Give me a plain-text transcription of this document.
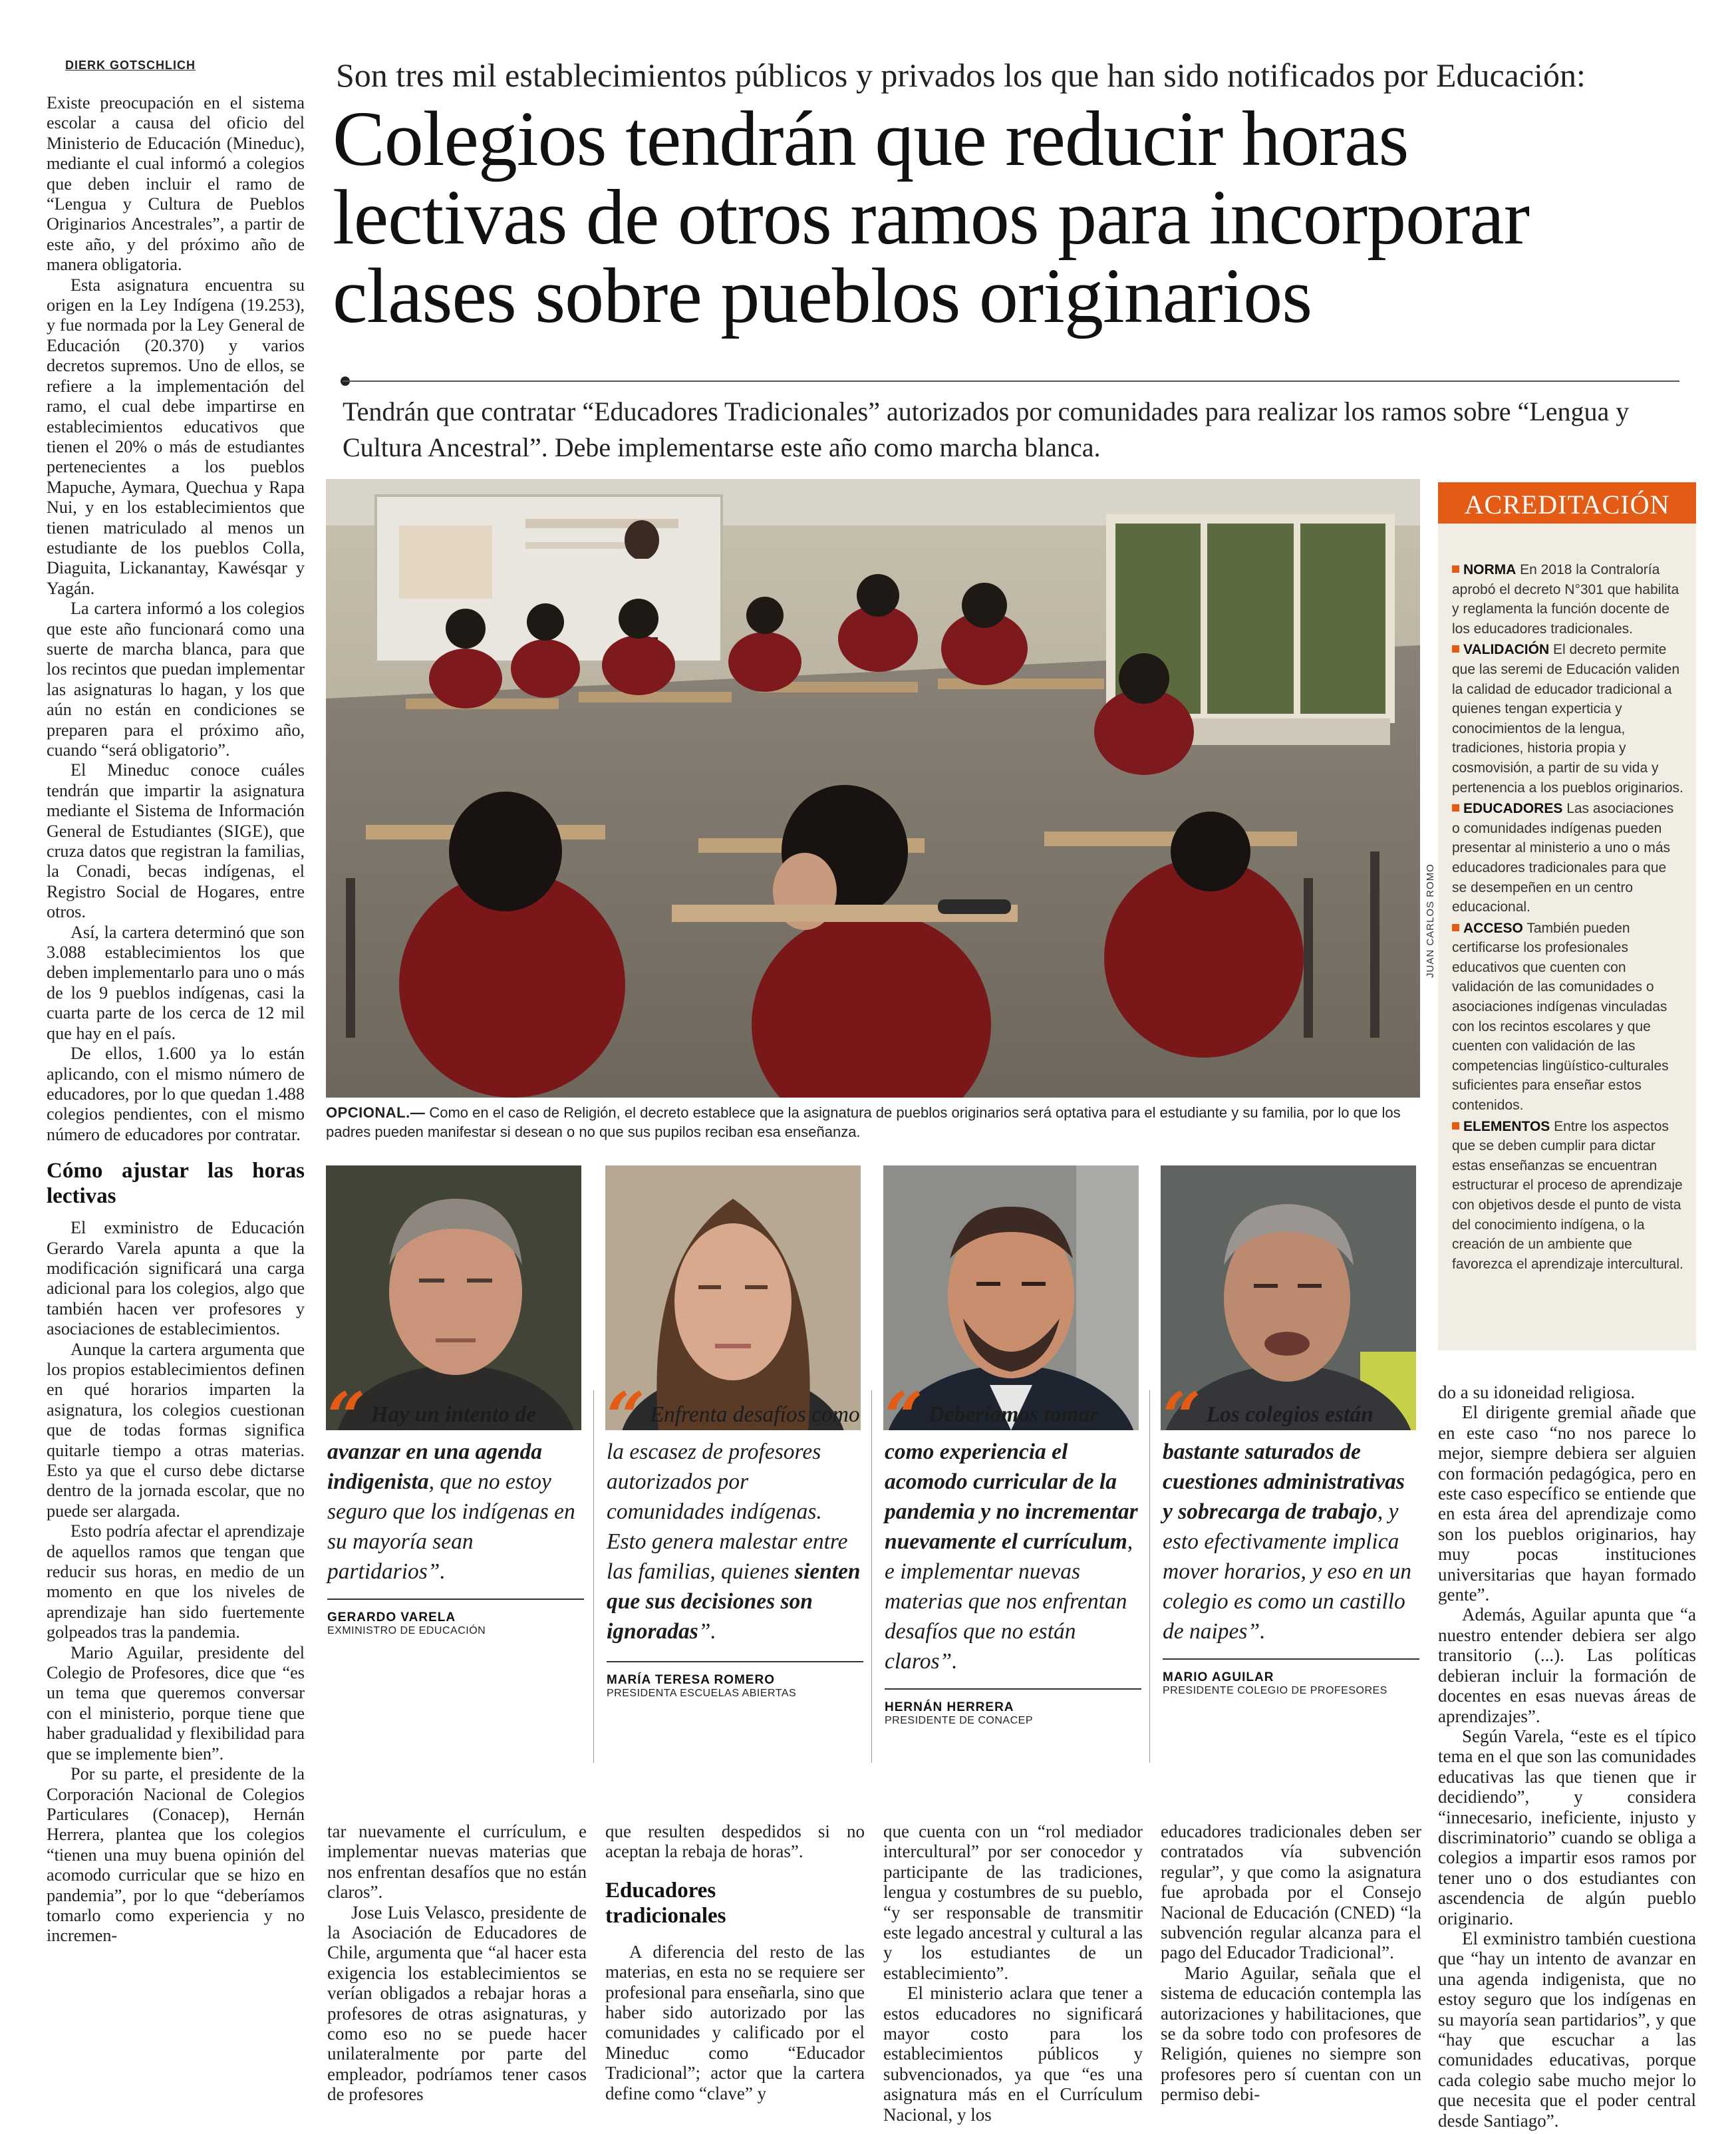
DIERK GOTSCHLICH	Son tres mil establecimientos públicos y privados los que han sido notificados por Educación:
Colegios tendrán que reducir horas
lectivas de otros ramos para incorporar
clases sobre pueblos originarios
Tendrán que contratar “Educadores Tradicionales” autorizados por comunidades para realizar los ramos sobre “Lengua y Cultura Ancestral”. Debe implementarse este año como marcha blanca.

Existe preocupación en el sistema escolar a causa del oficio del Ministerio de Educación (Mineduc), mediante el cual informó a colegios que deben incluir el ramo de “Lengua y Cultura de Pueblos Originarios Ancestrales”, a partir de este año, y del próximo año de manera obligatoria.

Esta asignatura encuentra su origen en la Ley Indígena (19.253), y fue normada por la Ley General de Educación (20.370) y varios decretos supremos. Uno de ellos, se refiere a la implementación del ramo, el cual debe impartirse en establecimientos educativos que tienen el 20% o más de estudiantes pertenecientes a los pueblos Mapuche, Aymara, Quechua y Rapa Nui, y en los establecimientos que tienen matriculado al menos un estudiante de los pueblos Colla, Diaguita, Lickanantay, Kawésqar y Yagán.

La cartera informó a los colegios que este año funcionará como una suerte de marcha blanca, para que los recintos que puedan implementar las asignaturas lo hagan, y los que aún no están en condiciones se preparen para el próximo año, cuando “será obligatorio”.

El Mineduc conoce cuáles tendrán que impartir la asignatura mediante el Sistema de Información General de Estudiantes (SIGE), que cruza datos que registran la familias, la Conadi, becas indígenas, el Registro Social de Hogares, entre otros.

Así, la cartera determinó que son 3.088 establecimientos los que deben implementarlo para uno o más de los 9 pueblos indígenas, casi la cuarta parte de los cerca de 12 mil que hay en el país.

De ellos, 1.600 ya lo están aplicando, con el mismo número de educadores, por lo que quedan 1.488 colegios pendientes, con el mismo número de educadores por contratar.

Cómo ajustar las horas lectivas

El exministro de Educación Gerardo Varela apunta a que la modificación significará una carga adicional para los colegios, algo que también hacen ver profesores y asociaciones de establecimientos.

Aunque la cartera argumenta que los propios establecimientos definen en qué horarios imparten la asignatura, los colegios cuestionan que de todas formas significa quitarle tiempo a otras materias. Esto ya que el curso debe dictarse dentro de la jornada escolar, que no puede ser alargada.

Esto podría afectar el aprendizaje de aquellos ramos que tengan que reducir sus horas, en medio de un momento en que los niveles de aprendizaje han sido fuertemente golpeados tras la pandemia.

Mario Aguilar, presidente del Colegio de Profesores, dice que “es un tema que queremos conversar con el ministerio, porque tiene que haber gradualidad y flexibilidad para que se implemente bien”.

Por su parte, el presidente de la Corporación Nacional de Colegios Particulares (Conacep), Hernán Herrera, plantea que los colegios “tienen una muy buena opinión del acomodo curricular que se hizo en pandemia”, por lo que “deberíamos tomarlo como experiencia y no incremen-

JUAN CARLOS ROMO
OPCIONAL.— Como en el caso de Religión, el decreto establece que la asignatura de pueblos originarios será optativa para el estudiante y su familia, por lo que los padres pueden manifestar si desean o no que sus pupilos reciban esa enseñanza.
ACREDITACIÓN

NORMA En 2018 la Contraloría aprobó el decreto N°301 que habilita y reglamenta la función docente de los educadores tradicionales.

VALIDACIÓN El decreto permite que las seremi de Educación validen la calidad de educador tradicional a quienes tengan experticia y conocimientos de la lengua, tradiciones, historia propia y cosmovisión, a partir de su vida y pertenencia a los pueblos originarios.

EDUCADORES Las asociaciones o comunidades indígenas pueden presentar al ministerio a uno o más educadores tradicionales para que se desempeñen en un centro educacional.

ACCESO También pueden certificarse los profesionales educativos que cuenten con validación de las comunidades o asociaciones indígenas vinculadas con los recintos escolares y que cuenten con validación de las competencias lingüístico-culturales suficientes para enseñar estos contenidos.

ELEMENTOS Entre los aspectos que se deben cumplir para dictar estas enseñanzas se encuentran estructurar el proceso de aprendizaje con objetivos desde el punto de vista del conocimiento indígena, o la creación de un ambiente que favorezca el aprendizaje intercultural.

“ Hay un intento de avanzar en una agenda indigenista, que no estoy seguro que los indígenas en su mayoría sean partidarios”.
GERARDO VARELA
EXMINISTRO DE EDUCACIÓN
“ Enfrenta desafíos como la escasez de profesores autorizados por comunidades indígenas. Esto genera malestar entre las familias, quienes sienten que sus decisiones son ignoradas”.
MARÍA TERESA ROMERO
PRESIDENTA ESCUELAS ABIERTAS
“ Deberíamos tomar como experiencia el acomodo curricular de la pandemia y no incrementar nuevamente el currículum, e implementar nuevas materias que nos enfrentan desafíos que no están claros”.
HERNÁN HERRERA
PRESIDENTE DE CONACEP
“ Los colegios están bastante saturados de cuestiones administrativas y sobrecarga de trabajo, y esto efectivamente implica mover horarios, y eso en un colegio es como un castillo de naipes”.
MARIO AGUILAR
PRESIDENTE COLEGIO DE PROFESORES

tar nuevamente el currículum, e implementar nuevas materias que nos enfrentan desafíos que no están claros”.

Jose Luis Velasco, presidente de la Asociación de Educadores de Chile, argumenta que “al hacer esta exigencia los establecimientos se verían obligados a rebajar horas a profesores de otras asignaturas, y como eso no se puede hacer unilateralmente por parte del empleador, podríamos tener casos de profesores

que resulten despedidos si no aceptan la rebaja de horas”.

Educadores tradicionales

A diferencia del resto de las materias, en esta no se requiere ser profesional para enseñarla, sino que haber sido autorizado por las comunidades y calificado por el Mineduc como “Educador Tradicional”; actor que la cartera define como “clave” y

que cuenta con un “rol mediador intercultural” por ser conocedor y participante de las tradiciones, lengua y costumbres de su pueblo, “y ser responsable de transmitir este legado ancestral y cultural a las y los estudiantes de un establecimiento”.

El ministerio aclara que tener a estos educadores no significará mayor costo para los establecimientos públicos y subvencionados, ya que “es una asignatura más en el Currículum Nacional, y los

educadores tradicionales deben ser contratados vía subvención regular”, y que como la asignatura fue aprobada por el Consejo Nacional de Educación (CNED) “la subvención regular alcanza para el pago del Educador Tradicional”.

Mario Aguilar, señala que el sistema de educación contempla las autorizaciones y habilitaciones, que se da sobre todo con profesores de Religión, quienes no siempre son profesores pero sí cuentan con un permiso debi-

do a su idoneidad religiosa.

El dirigente gremial añade que en este caso “no nos parece lo mejor, siempre debiera ser alguien con formación pedagógica, pero en este caso específico se entiende que en esta área del aprendizaje como son los pueblos originarios, hay muy pocas instituciones universitarias que hayan formado gente”.

Además, Aguilar apunta que “a nuestro entender debiera ser algo transitorio (...). Las políticas debieran incluir la formación de docentes en esas nuevas áreas de aprendizajes”.

Según Varela, “este es el típico tema en el que son las comunidades educativas las que tienen que ir decidiendo”, y considera “innecesario, ineficiente, injusto y discriminatorio” cuando se obliga a colegios a impartir esos ramos por tener uno o dos estudiantes con ascendencia de algún pueblo originario.

El exministro también cuestiona que “hay un intento de avanzar en una agenda indigenista, que no estoy seguro que los indígenas en su mayoría sean partidarios”, y que “hay que escuchar a las comunidades educativas, porque cada colegio sabe mucho mejor lo que necesita que el poder central desde Santiago”.
